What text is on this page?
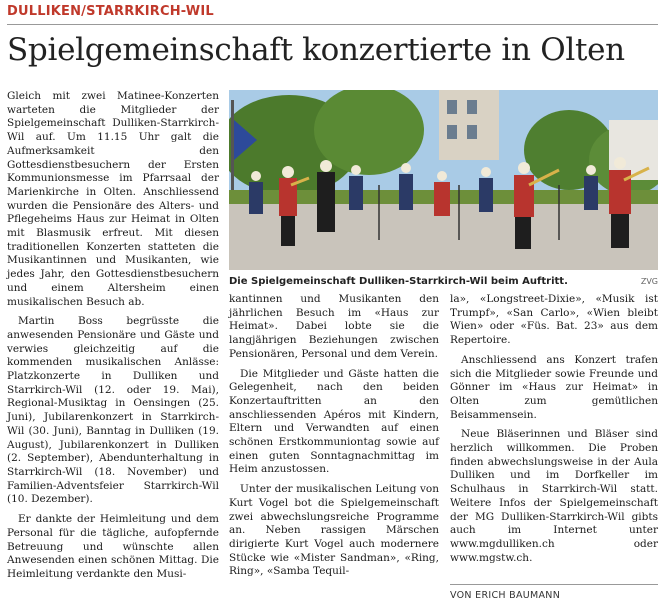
DULLIKEN/STARRKIRCH-WIL
Spielgemeinschaft konzertierte in Olten

Gleich mit zwei Matinee-Konzerten warteten die Mitglieder der Spielgemeinschaft Dulliken-Starrkirch-Wil auf. Um 11.15 Uhr galt die Aufmerksamkeit den Gottesdienstbesuchern der Ersten Kommunionsmesse im Pfarrsaal der Marienkirche in Olten. Anschliessend wurden die Pensionäre des Alters- und Pflegeheims Haus zur Heimat in Olten mit Blasmusik erfreut. Mit diesen traditionellen Konzerten statteten die Musikantinnen und Musikanten, wie jedes Jahr, den Gottesdienstbesuchern und einem Altersheim einen musikalischen Besuch ab.

Martin Boss begrüsste die anwesenden Pensionäre und Gäste und verwies gleichzeitig auf die kommenden musikalischen Anlässe: Platzkonzerte in Dulliken und Starrkirch-Wil (12. oder 19. Mai), Regional-Musiktag in Oensingen (25. Juni), Jubilarenkonzert in Starrkirch-Wil (30. Juni), Banntag in Dulliken (19. August), Jubilarenkonzert in Dulliken (2. September), Abendunterhaltung in Starrkirch-Wil (18. November) und Familien-Adventsfeier Starrkirch-Wil (10. Dezember).

Er dankte der Heimleitung und dem Personal für die tägliche, aufopfernde Betreuung und wünschte allen Anwesenden einen schönen Mittag. Die Heimleitung verdankte den Musi-

Die Spielgemeinschaft Dulliken-Starrkirch-Wil beim Auftritt.	ZVG

kantinnen und Musikanten den jährlichen Besuch im «Haus zur Heimat». Dabei lobte sie die langjährigen Beziehungen zwischen Pensionären, Personal und dem Verein.

Die Mitglieder und Gäste hatten die Gelegenheit, nach den beiden Konzertauftritten an den anschliessenden Apéros mit Kindern, Eltern und Verwandten auf einen schönen Erstkommuniontag sowie auf einen guten Sonntagnachmittag im Heim anzustossen.

Unter der musikalischen Leitung von Kurt Vogel bot die Spielgemeinschaft zwei abwechslungsreiche Programme an. Neben rassigen Märschen dirigierte Kurt Vogel auch modernere Stücke wie «Mister Sandman», «Ring, Ring», «Samba Tequil-

la», «Longstreet-Dixie», «Musik ist Trumpf», «San Carlo», «Wien bleibt Wien» oder «Füs. Bat. 23» aus dem Repertoire.

Anschliessend ans Konzert trafen sich die Mitglieder sowie Freunde und Gönner im «Haus zur Heimat» in Olten zum gemütlichen Beisammensein.

Neue Bläserinnen und Bläser sind herzlich willkommen. Die Proben finden abwechslungsweise in der Aula Dulliken und im Dorfkeller im Schulhaus in Starrkirch-Wil statt. Weitere Infos der Spielgemeinschaft der MG Dulliken-Starrkirch-Wil gibts auch im Internet unter www.mgdulliken.ch oder www.mgstw.ch.

VON ERICH BAUMANN
